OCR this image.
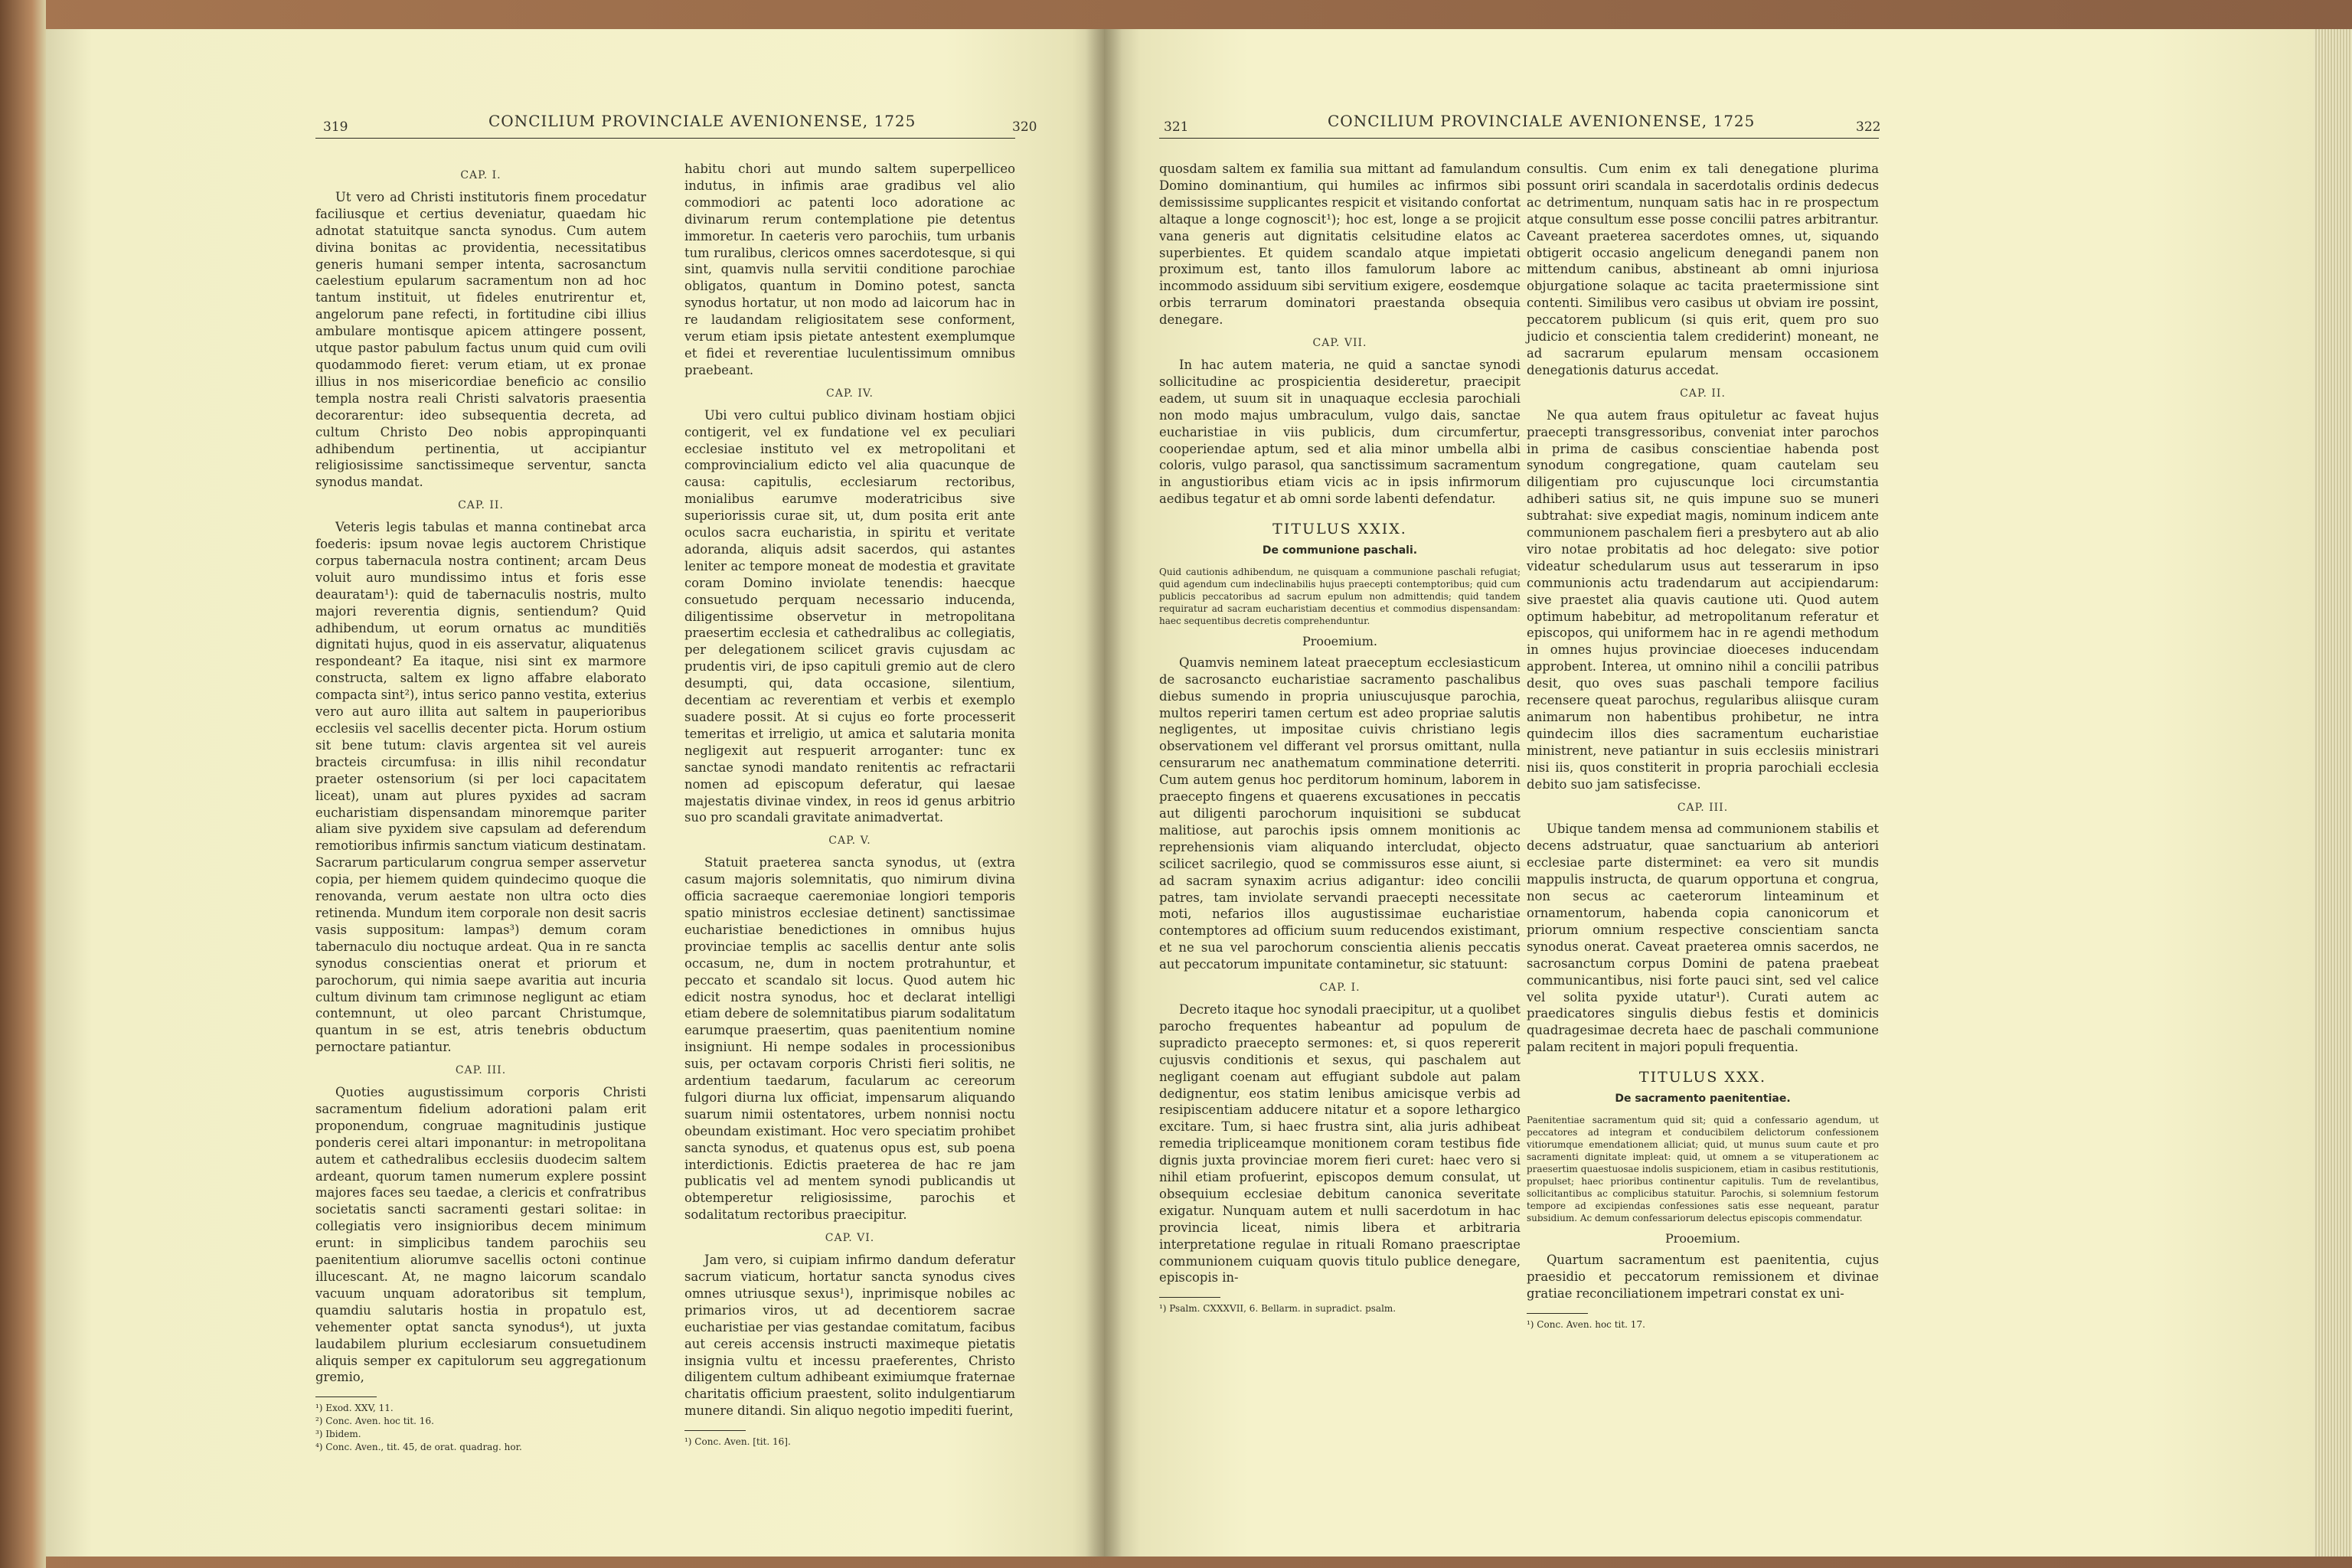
319	CONCILIUM PROVINCIALE AVENIONENSE, 1725	320
CAP. I.

Ut vero ad Christi institutoris finem procedatur faciliusque et certius deveniatur, quaedam hic adnotat statuitque sancta synodus. Cum autem divina bonitas ac providentia, necessitatibus generis humani semper intenta, sacrosanctum caelestium epularum sacramentum non ad hoc tantum instituit, ut fideles enutrirentur et, angelorum pane refecti, in fortitudine cibi illius ambulare montisque apicem attingere possent, utque pastor pabulum factus unum quid cum ovili quodammodo fieret: verum etiam, ut ex pronae illius in nos misericordiae beneficio ac consilio templa nostra reali Christi salvatoris praesentia decorarentur: ideo subsequentia decreta, ad cultum Christo Deo nobis appropinquanti adhibendum pertinentia, ut accipiantur religiosissime sanctissimeque serventur, sancta synodus mandat.

CAP. II.

Veteris legis tabulas et manna continebat arca foederis: ipsum novae legis auctorem Christique corpus tabernacula nostra continent; arcam Deus voluit auro mundissimo intus et foris esse deauratam¹): quid de tabernaculis nostris, multo majori reverentia dignis, sentiendum? Quid adhibendum, ut eorum ornatus ac munditiës dignitati hujus, quod in eis asservatur, aliquatenus respondeant? Ea itaque, nisi sint ex marmore constructa, saltem ex ligno affabre elaborato compacta sint²), intus serico panno vestita, exterius vero aut auro illita aut saltem in pauperioribus ecclesiis vel sacellis decenter picta. Horum ostium sit bene tutum: clavis argentea sit vel aureis bracteis circumfusa: in illis nihil recondatur praeter ostensorium (si per loci capacitatem liceat), unam aut plures pyxides ad sacram eucharistiam dispensandam minoremque pariter aliam sive pyxidem sive capsulam ad deferendum remotioribus infirmis sanctum viaticum destinatam. Sacrarum particularum congrua semper asservetur copia, per hiemem quidem quindecimo quoque die renovanda, verum aestate non ultra octo dies retinenda. Mundum item corporale non desit sacris vasis suppositum: lampas³) demum coram tabernaculo diu noctuque ardeat. Qua in re sancta synodus conscientias onerat et priorum et parochorum, qui nimia saepe avaritia aut incuria cultum divinum tam crimınose negligunt ac etiam contemnunt, ut oleo parcant Christumque, quantum in se est, atris tenebris obductum pernoctare patiantur.

CAP. III.

Quoties augustissimum corporis Christi sacramentum fidelium adorationi palam erit proponendum, congruae magnitudinis justique ponderis cerei altari imponantur: in metropolitana autem et cathedralibus ecclesiis duodecim saltem ardeant, quorum tamen numerum explere possint majores faces seu taedae, a clericis et confratribus societatis sancti sacramenti gestari solitae: in collegiatis vero insignioribus decem minimum erunt: in simplicibus tandem parochiis seu paenitentium aliorumve sacellis octoni continue illucescant. At, ne magno laicorum scandalo vacuum unquam adoratoribus sit templum, quamdiu salutaris hostia in propatulo est, vehementer optat sancta synodus⁴), ut juxta laudabilem plurium ecclesiarum consuetudinem aliquis semper ex capitulorum seu aggregationum gremio,

¹) Exod. XXV, 11.

²) Conc. Aven. hoc tit. 16.

³) Ibidem.

⁴) Conc. Aven., tit. 45, de orat. quadrag. hor.

habitu chori aut mundo saltem superpelliceo indutus, in infimis arae gradibus vel alio commodiori ac patenti loco adoratione ac divinarum rerum contemplatione pie detentus immoretur. In caeteris vero parochiis, tum urbanis tum ruralibus, clericos omnes sacerdotesque, si qui sint, quamvis nulla servitii conditione parochiae obligatos, quantum in Domino potest, sancta synodus hortatur, ut non modo ad laicorum hac in re laudandam religiositatem sese conforment, verum etiam ipsis pietate antestent exemplumque et fidei et reverentiae luculentissimum omnibus praebeant.

CAP. IV.

Ubi vero cultui publico divinam hostiam objici contigerit, vel ex fundatione vel ex peculiari ecclesiae instituto vel ex metropolitani et comprovincialium edicto vel alia quacunque de causa: capitulis, ecclesiarum rectoribus, monialibus earumve moderatricibus sive superiorissis curae sit, ut, dum posita erit ante oculos sacra eucharistia, in spiritu et veritate adoranda, aliquis adsit sacerdos, qui astantes leniter ac tempore moneat de modestia et gravitate coram Domino inviolate tenendis: haecque consuetudo perquam necessario inducenda, diligentissime observetur in metropolitana praesertim ecclesia et cathedralibus ac collegiatis, per delegationem scilicet gravis cujusdam ac prudentis viri, de ipso capituli gremio aut de clero desumpti, qui, data occasione, silentium, decentiam ac reverentiam et verbis et exemplo suadere possit. At si cujus eo forte processerit temeritas et irreligio, ut amica et salutaria monita negligexit aut respuerit arroganter: tunc ex sanctae synodi mandato renitentis ac refractarii nomen ad episcopum deferatur, qui laesae majestatis divinae vindex, in reos id genus arbitrio suo pro scandali gravitate animadvertat.

CAP. V.

Statuit praeterea sancta synodus, ut (extra casum majoris solemnitatis, quo nimirum divina officia sacraeque caeremoniae longiori temporis spatio ministros ecclesiae detinent) sanctissimae eucharistiae benedictiones in omnibus hujus provinciae templis ac sacellis dentur ante solis occasum, ne, dum in noctem protrahuntur, et peccato et scandalo sit locus. Quod autem hic edicit nostra synodus, hoc et declarat intelligi etiam debere de solemnitatibus piarum sodalitatum earumque praesertim, quas paenitentium nomine insigniunt. Hi nempe sodales in processionibus suis, per octavam corporis Christi fieri solitis, ne ardentium taedarum, facularum ac cereorum fulgori diurna lux officiat, impensarum aliquando suarum nimii ostentatores, urbem nonnisi noctu obeundam existimant. Hoc vero speciatim prohibet sancta synodus, et quatenus opus est, sub poena interdictionis. Edictis praeterea de hac re jam publicatis vel ad mentem synodi publicandis ut obtemperetur religiosissime, parochis et sodalitatum rectoribus praecipitur.

CAP. VI.

Jam vero, si cuipiam infirmo dandum deferatur sacrum viaticum, hortatur sancta synodus cives omnes utriusque sexus¹), inprimisque nobiles ac primarios viros, ut ad decentiorem sacrae eucharistiae per vias gestandae comitatum, facibus aut cereis accensis instructi maximeque pietatis insignia vultu et incessu praeferentes, Christo diligentem cultum adhibeant eximiumque fraternae charitatis officium praestent, solito indulgentiarum munere ditandi. Sin aliquo negotio impediti fuerint,

¹) Conc. Aven. [tit. 16].

321	CONCILIUM PROVINCIALE AVENIONENSE, 1725	322

quosdam saltem ex familia sua mittant ad famulandum Domino dominantium, qui humiles ac infirmos sibi demississime supplicantes respicit et visitando confortat altaque a longe cognoscit¹); hoc est, longe a se projicit vana generis aut dignitatis celsitudine elatos ac superbientes. Et quidem scandalo atque impietati proximum est, tanto illos famulorum labore ac incommodo assiduum sibi servitium exigere, eosdemque orbis terrarum dominatori praestanda obsequia denegare.

CAP. VII.

In hac autem materia, ne quid a sanctae synodi sollicitudine ac prospicientia desideretur, praecipit eadem, ut suum sit in unaquaque ecclesia parochiali non modo majus umbraculum, vulgo dais, sanctae eucharistiae in viis publicis, dum circumfertur, cooperiendae aptum, sed et alia minor umbella albi coloris, vulgo parasol, qua sanctissimum sacramentum in angustioribus etiam vicis ac in ipsis infirmorum aedibus tegatur et ab omni sorde labenti defendatur.

TITULUS XXIX.
De communione paschali.

Quid cautionis adhibendum, ne quisquam a communione paschali refugiat; quid agendum cum indeclinabilis hujus praecepti contemptoribus; quid cum publicis peccatoribus ad sacrum epulum non admittendis; quid tandem requiratur ad sacram eucharistiam decentius et commodius dispensandam: haec sequentibus decretis comprehenduntur.

Prooemium.

Quamvis neminem lateat praeceptum ecclesiasticum de sacrosancto eucharistiae sacramento paschalibus diebus sumendo in propria uniuscujusque parochia, multos reperiri tamen certum est adeo propriae salutis negligentes, ut impositae cuivis christiano legis observationem vel differant vel prorsus omittant, nulla censurarum nec anathematum comminatione deterriti. Cum autem genus hoc perditorum hominum, laborem in praecepto fingens et quaerens excusationes in peccatis aut diligenti parochorum inquisitioni se subducat malitiose, aut parochis ipsis omnem monitionis ac reprehensionis viam aliquando intercludat, objecto scilicet sacrilegio, quod se commissuros esse aiunt, si ad sacram synaxim acrius adigantur: ideo concilii patres, tam inviolate servandi praecepti necessitate moti, nefarios illos augustissimae eucharistiae contemptores ad officium suum reducendos existimant, et ne sua vel parochorum conscientia alienis peccatis aut peccatorum impunitate contaminetur, sic statuunt:

CAP. I.

Decreto itaque hoc synodali praecipitur, ut a quolibet parocho frequentes habeantur ad populum de supradicto praecepto sermones: et, si quos repererit cujusvis conditionis et sexus, qui paschalem aut negligant coenam aut effugiant subdole aut palam dedignentur, eos statim lenibus amicisque verbis ad resipiscentiam adducere nitatur et a sopore lethargico excitare. Tum, si haec frustra sint, alia juris adhibeat remedia tripliceamque monitionem coram testibus fide dignis juxta provinciae morem fieri curet: haec vero si nihil etiam profuerint, episcopos demum consulat, ut obsequium ecclesiae debitum canonica severitate exigatur. Nunquam autem et nulli sacerdotum in hac provincia liceat, nimis libera et arbitraria interpretatione regulae in rituali Romano praescriptae communionem cuiquam quovis titulo publice denegare, episcopis in-

¹) Psalm. CXXXVII, 6. Bellarm. in supradict. psalm.

consultis. Cum enim ex tali denegatione plurima possunt oriri scandala in sacerdotalis ordinis dedecus ac detrimentum, nunquam satis hac in re prospectum atque consultum esse posse concilii patres arbitrantur. Caveant praeterea sacerdotes omnes, ut, siquando obtigerit occasio angelicum denegandi panem non mittendum canibus, abstineant ab omni injuriosa objurgatione solaque ac tacita praetermissione sint contenti. Similibus vero casibus ut obviam ire possint, peccatorem publicum (si quis erit, quem pro suo judicio et conscientia talem crediderint) moneant, ne ad sacrarum epularum mensam occasionem denegationis daturus accedat.

CAP. II.

Ne qua autem fraus opituletur ac faveat hujus praecepti transgressoribus, conveniat inter parochos in prima de casibus conscientiae habenda post synodum congregatione, quam cautelam seu diligentiam pro cujuscunque loci circumstantia adhiberi satius sit, ne quis impune suo se muneri subtrahat: sive expediat magis, nominum indicem ante communionem paschalem fieri a presbytero aut ab alio viro notae probitatis ad hoc delegato: sive potior videatur schedularum usus aut tesserarum in ipso communionis actu tradendarum aut accipiendarum: sive praestet alia quavis cautione uti. Quod autem optimum habebitur, ad metropolitanum referatur et episcopos, qui uniformem hac in re agendi methodum in omnes hujus provinciae dioeceses inducendam approbent. Interea, ut omnino nihil a concilii patribus desit, quo oves suas paschali tempore facilius recensere queat parochus, regularibus aliisque curam animarum non habentibus prohibetur, ne intra quindecim illos dies sacramentum eucharistiae ministrent, neve patiantur in suis ecclesiis ministrari nisi iis, quos constiterit in propria parochiali ecclesia debito suo jam satisfecisse.

CAP. III.

Ubique tandem mensa ad communionem stabilis et decens adstruatur, quae sanctuarium ab anteriori ecclesiae parte disterminet: ea vero sit mundis mappulis instructa, de quarum opportuna et congrua, non secus ac caeterorum linteaminum et ornamentorum, habenda copia canonicorum et priorum omnium respective conscientiam sancta synodus onerat. Caveat praeterea omnis sacerdos, ne sacrosanctum corpus Domini de patena praebeat communicantibus, nisi forte pauci sint, sed vel calice vel solita pyxide utatur¹). Curati autem ac praedicatores singulis diebus festis et dominicis quadragesimae decreta haec de paschali communione palam recitent in majori populi frequentia.

TITULUS XXX.
De sacramento paenitentiae.

Paenitentiae sacramentum quid sit; quid a confessario agendum, ut peccatores ad integram et conducibilem delictorum confessionem vitiorumque emendationem alliciat; quid, ut munus suum caute et pro sacramenti dignitate impleat: quid, ut omnem a se vituperationem ac praesertim quaestuosae indolis suspicionem, etiam in casibus restitutionis, propulset; haec prioribus continentur capitulis. Tum de revelantibus, sollicitantibus ac complicibus statuitur. Parochis, si solemnium festorum tempore ad excipiendas confessiones satis esse nequeant, paratur subsidium. Ac demum confessariorum delectus episcopis commendatur.

Prooemium.

Quartum sacramentum est paenitentia, cujus praesidio et peccatorum remissionem et divinae gratiae reconciliationem impetrari constat ex uni-

¹) Conc. Aven. hoc tit. 17.
